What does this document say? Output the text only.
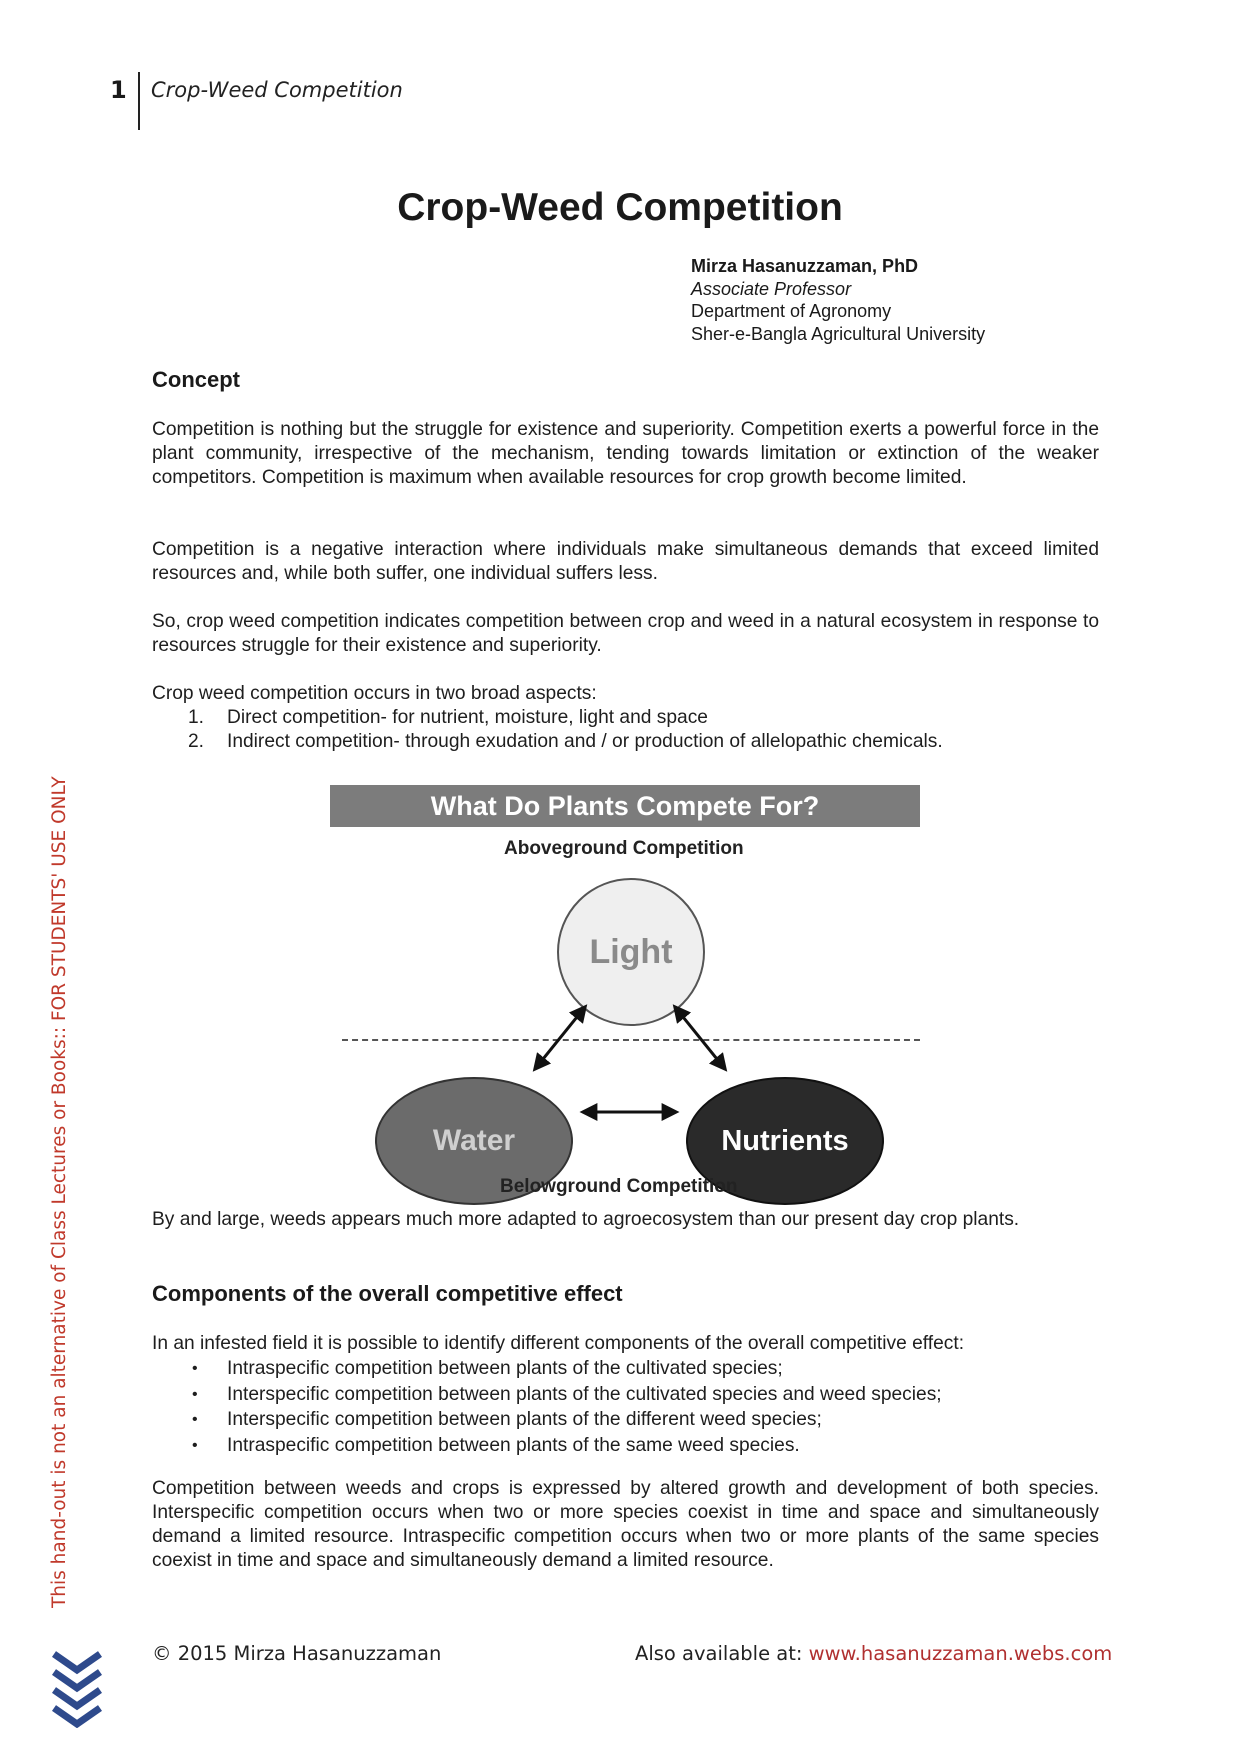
1 Crop-Weed Competition
Crop-Weed Competition
Mirza Hasanuzzaman, PhD
Associate Professor
Department of Agronomy
Sher-e-Bangla Agricultural University
Concept

Competition is nothing but the struggle for existence and superiority. Competition exerts a powerful force in the plant community, irrespective of the mechanism, tending towards limitation or extinction of the weaker competitors. Competition is maximum when available resources for crop growth become limited.

Competition is a negative interaction where individuals make simultaneous demands that exceed limited resources and, while both suffer, one individual suffers less.

So, crop weed competition indicates competition between crop and weed in a natural ecosystem in response to resources struggle for their existence and superiority.

Crop weed competition occurs in two broad aspects:

1. Direct competition- for nutrient, moisture, light and space
2. Indirect competition- through exudation and / or production of allelopathic chemicals.
What Do Plants Compete For?
Aboveground Competition
Light
Water	Nutrients
Belowground Competition

By and large, weeds appears much more adapted to agroecosystem than our present day crop plants.

Components of the overall competitive effect

In an infested field it is possible to identify different components of the overall competitive effect:

• Intraspecific competition between plants of the cultivated species;
• Interspecific competition between plants of the cultivated species and weed species;
• Interspecific competition between plants of the different weed species;
• Intraspecific competition between plants of the same weed species.

Competition between weeds and crops is expressed by altered growth and development of both species. Interspecific competition occurs when two or more species coexist in time and space and simultaneously demand a limited resource. Intraspecific competition occurs when two or more plants of the same species coexist in time and space and simultaneously demand a limited resource.

This hand-out is not an alternative of Class Lectures or Books:: FOR STUDENTS' USE ONLY
© 2015 Mirza Hasanuzzaman	Also available at: www.hasanuzzaman.webs.com
